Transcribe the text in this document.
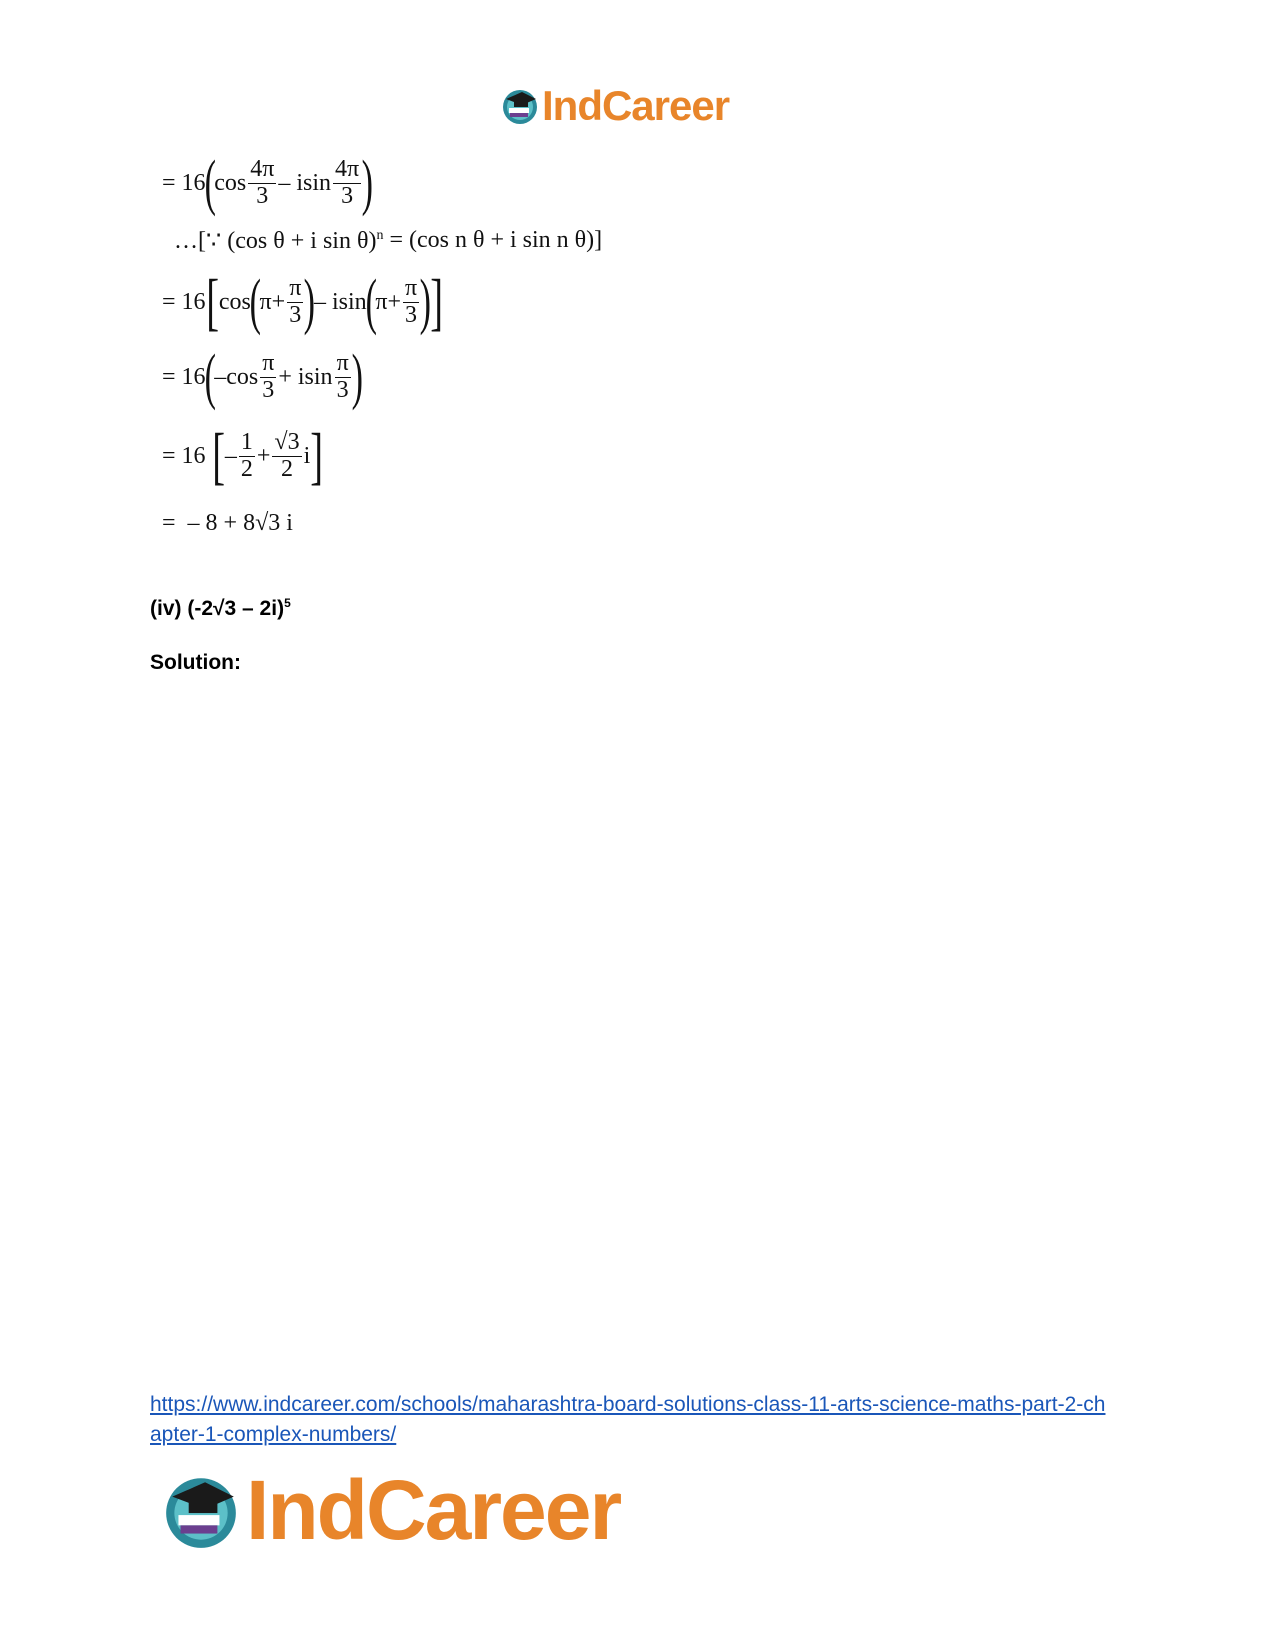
IndCareer
= 16
(
$\cos \frac{4\pi}{3}$ – isin $\frac{4\pi}{3}$ )
…[∵ (cos θ + i sin θ) n = (cos n θ + i sin n θ)]
= 16 [ cos
(
$\pi + \frac{\pi}{3}$ )
– isin
(
$\pi + \frac{\pi}{3}$ )
]
= 16
(
$-\cos \frac{\pi}{3} + isin \frac{\pi}{3}$ )
= 16 [ – $\frac{1}{2} + \frac{√3}{2}$ i ]
= – 8 + 8√3 i
(iv) (-2√3 – 2i)$^5$
Solution:
https://www.indcareer.com/schools/maharashtra-board-solutions-class-11-arts-science-maths-part-2-chapter-1-complex-numbers/
IndCareer
